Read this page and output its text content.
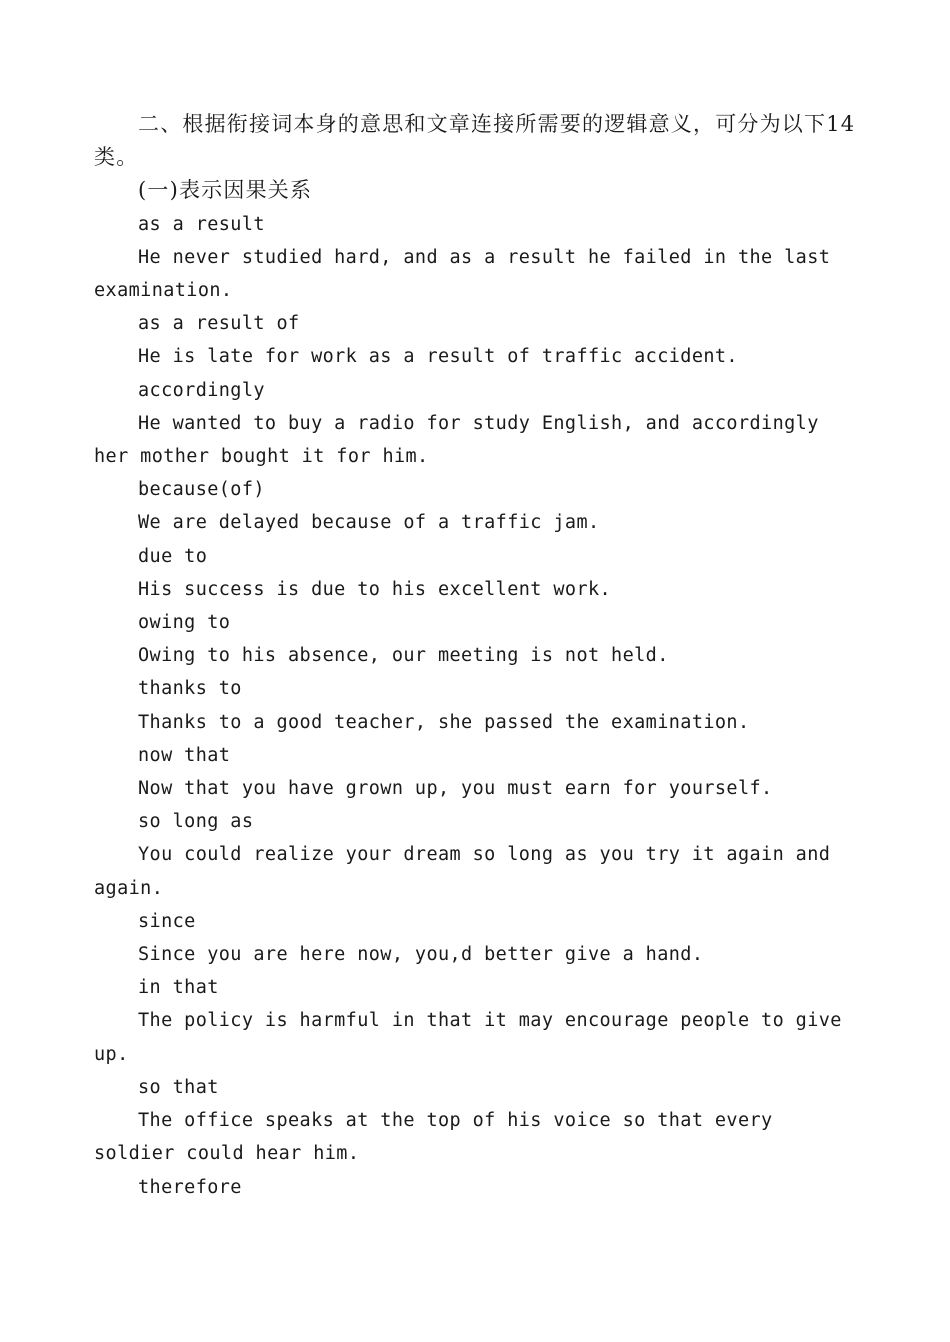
二、根据衔接词本身的意思和文章连接所需要的逻辑意义，可分为以下14类。

(一)表示因果关系

as a result

He never studied hard, and as a result he failed in the last examination.

as a result of

He is late for work as a result of traffic accident.

accordingly

He wanted to buy a radio for study English, and accordingly her mother bought it for him.

because(of)

We are delayed because of a traffic jam.

due to

His success is due to his excellent work.

owing to

Owing to his absence, our meeting is not held.

thanks to

Thanks to a good teacher, she passed the examination.

now that

Now that you have grown up, you must earn for yourself.

so long as

You could realize your dream so long as you try it again and again.

since

Since you are here now, you,d better give a hand.

in that

The policy is harmful in that it may encourage people to give up.

so that

The office speaks at the top of his voice so that every soldier could hear him.

therefore
